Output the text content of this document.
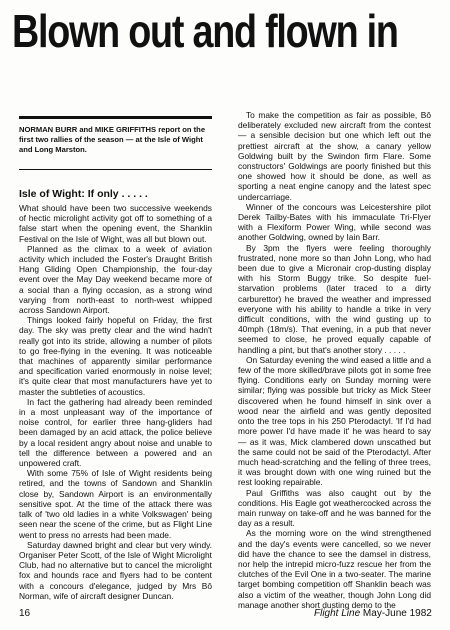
Blown out and flown in
NORMAN BURR and MIKE GRIFFITHS report on the first two rallies of the season — at the Isle of Wight and Long Marston.
Isle of Wight: If only . . . . .

What should have been two successive weekends of hectic microlight activity got off to something of a false start when the opening event, the Shanklin Festival on the Isle of Wight, was all but blown out.

Planned as the climax to a week of aviation activity which included the Foster's Draught British Hang Gliding Open Championship, the four-day event over the May Day weekend became more of a social than a flying occasion, as a strong wind varying from north-east to north-west whipped across Sandown Airport.

Things looked fairly hopeful on Friday, the first day. The sky was pretty clear and the wind hadn't really got into its stride, allowing a number of pilots to go free-flying in the evening. It was noticeable that machines of apparently similar performance and specification varied enormously in noise level; it's quite clear that most manufacturers have yet to master the subtleties of acoustics.

In fact the gathering had already been reminded in a most unpleasant way of the importance of noise control, for earlier three hang-gliders had been damaged by an acid attack, the police believe by a local resident angry about noise and unable to tell the difference between a powered and an unpowered craft.

With some 75% of Isle of Wight residents being retired, and the towns of Sandown and Shanklin close by, Sandown Airport is an environmentally sensitive spot. At the time of the attack there was talk of 'two old ladies in a white Volkswagen' being seen near the scene of the crime, but as Flight Line went to press no arrests had been made.

Saturday dawned bright and clear but very windy. Organiser Peter Scott, of the Isle of Wight Microlight Club, had no alternative but to cancel the microlight fox and hounds race and flyers had to be content with a concours d'elegance, judged by Mrs Bô Norman, wife of aircraft designer Duncan.

To make the competition as fair as possible, Bô deliberately excluded new aircraft from the contest — a sensible decision but one which left out the prettiest aircraft at the show, a canary yellow Goldwing built by the Swindon firm Flare. Some constructors' Goldwings are poorly finished but this one showed how it should be done, as well as sporting a neat engine canopy and the latest spec undercarriage.

Winner of the concours was Leicestershire pilot Derek Tailby-Bates with his immaculate Tri-Flyer with a Flexiform Power Wing, while second was another Goldwing, owned by Iain Barr.

By 3pm the flyers were feeling thoroughly frustrated, none more so than John Long, who had been due to give a Micronair crop-dusting display with his Storm Buggy trike. So despite fuel-starvation problems (later traced to a dirty carburettor) he braved the weather and impressed everyone with his ability to handle a trike in very difficult conditions, with the wind gusting up to 40mph (18m/s). That evening, in a pub that never seemed to close, he proved equally capable of handling a pint, but that's another story . . . . .

On Saturday evening the wind eased a little and a few of the more skilled/brave pilots got in some free flying. Conditions early on Sunday morning were similar; flying was possible but tricky as Mick Steer discovered when he found himself in sink over a wood near the airfield and was gently deposited onto the tree tops in his 250 Pterodactyl. 'If I'd had more power I'd have made it' he was heard to say — as it was, Mick clambered down unscathed but the same could not be said of the Pterodactyl. After much head-scratching and the felling of three trees, it was brought down with one wing ruined but the rest looking repairable.

Paul Griffiths was also caught out by the conditions. His Eagle got weathercocked across the main runway on take-off and he was banned for the day as a result.

As the morning wore on the wind strengthened and the day's events were cancelled, so we never did have the chance to see the damsel in distress, nor help the intrepid micro-fuzz rescue her from the clutches of the Evil One in a two-seater. The marine target bombing competition off Shanklin beach was also a victim of the weather, though John Long did manage another short dusting demo to the

16	Flight Line May-June 1982
